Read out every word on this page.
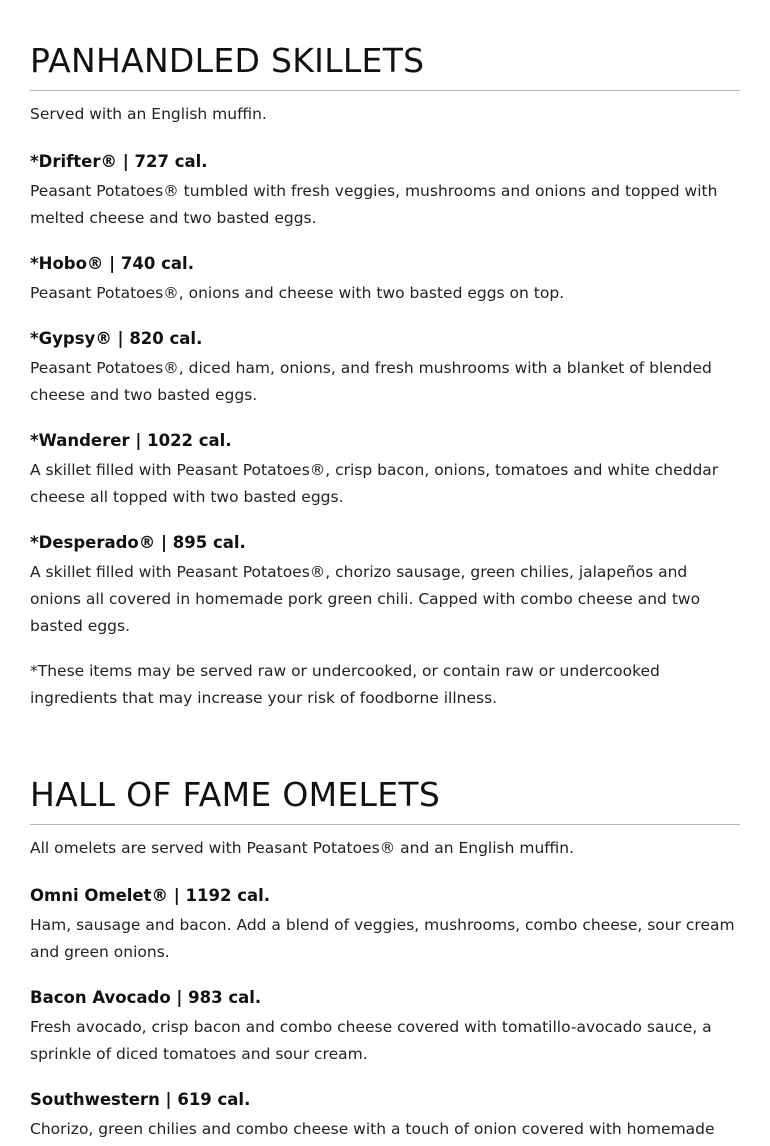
PANHANDLED SKILLETS

Served with an English muffin.

*Drifter® | 727 cal.

Peasant Potatoes® tumbled with fresh veggies, mushrooms and onions and topped with melted cheese and two basted eggs.

*Hobo® | 740 cal.

Peasant Potatoes®, onions and cheese with two basted eggs on top.

*Gypsy® | 820 cal.

Peasant Potatoes®, diced ham, onions, and fresh mushrooms with a blanket of blended cheese and two basted eggs.

*Wanderer | 1022 cal.

A skillet filled with Peasant Potatoes®, crisp bacon, onions, tomatoes and white cheddar cheese all topped with two basted eggs.

*Desperado® | 895 cal.

A skillet filled with Peasant Potatoes®, chorizo sausage, green chilies, jalapeños and onions all covered in homemade pork green chili. Capped with combo cheese and two basted eggs.

*These items may be served raw or undercooked, or contain raw or undercooked ingredients that may increase your risk of foodborne illness.

HALL OF FAME OMELETS

All omelets are served with Peasant Potatoes® and an English muffin.

Omni Omelet® | 1192 cal.

Ham, sausage and bacon. Add a blend of veggies, mushrooms, combo cheese, sour cream and green onions.

Bacon Avocado | 983 cal.

Fresh avocado, crisp bacon and combo cheese covered with tomatillo-avocado sauce, a sprinkle of diced tomatoes and sour cream.

Southwestern | 619 cal.

Chorizo, green chilies and combo cheese with a touch of onion covered with homemade
